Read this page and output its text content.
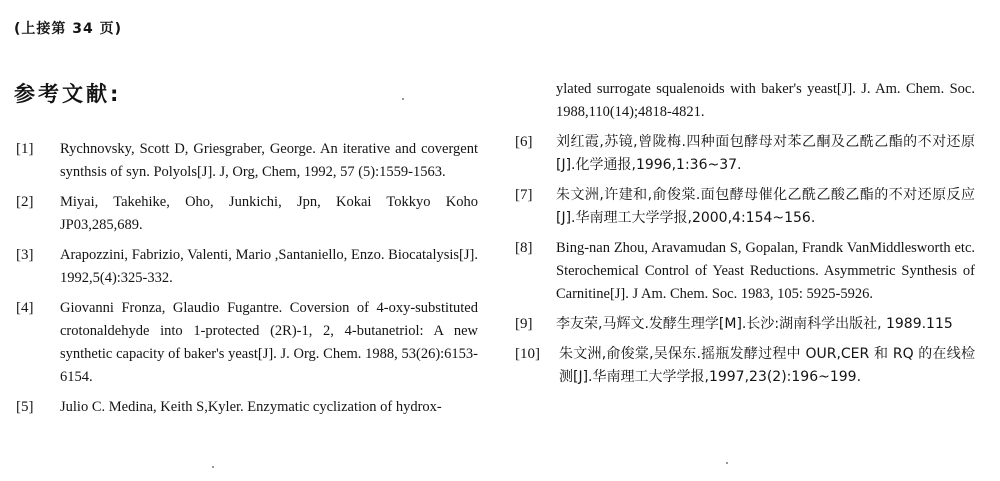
(上接第 34 页)
参考文献:
[1] Rychnovsky, Scott D, Griesgraber, George. An iterative and covergent synthsis of syn. Polyols[J]. J, Org, Chem, 1992, 57 (5):1559-1563.
[2] Miyai, Takehike, Oho, Junkichi, Jpn, Kokai Tokkyo Koho JP03,285,689.
[3] Arapozzini, Fabrizio, Valenti, Mario ,Santaniello, Enzo. Biocatalysis[J]. 1992,5(4):325-332.
[4] Giovanni Fronza, Glaudio Fugantre. Coversion of 4-oxy-substituted crotonaldehyde into 1-protected (2R)-1, 2, 4-butanetriol: A new synthetic capacity of baker's yeast[J]. J. Org. Chem. 1988, 53(26):6153-6154.
[5] Julio C. Medina, Keith S,Kyler. Enzymatic cyclization of hydrox-
ylated surrogate squalenoids with baker's yeast[J]. J. Am. Chem. Soc. 1988,110(14);4818-4821.
[6] 刘红霞,苏镜,曾陇梅.四种面包酵母对苯乙酮及乙酰乙酯的不对还原[J].化学通报,1996,1:36~37.
[7] 朱文洲,许建和,俞俊棠.面包酵母催化乙酰乙酸乙酯的不对还原反应[J].华南理工大学学报,2000,4:154~156.
[8] Bing-nan Zhou, Aravamudan S, Gopalan, Frandk VanMiddlesworth etc. Sterochemical Control of Yeast Reductions. Asymmetric Synthesis of Carnitine[J]. J Am. Chem. Soc. 1983, 105: 5925-5926.
[9] 李友荣,马辉文.发酵生理学[M].长沙:湖南科学出版社, 1989.115
[10] 朱文洲,俞俊棠,吴保东.摇瓶发酵过程中 OUR,CER 和 RQ 的在线检测[J].华南理工大学学报,1997,23(2):196~199.
